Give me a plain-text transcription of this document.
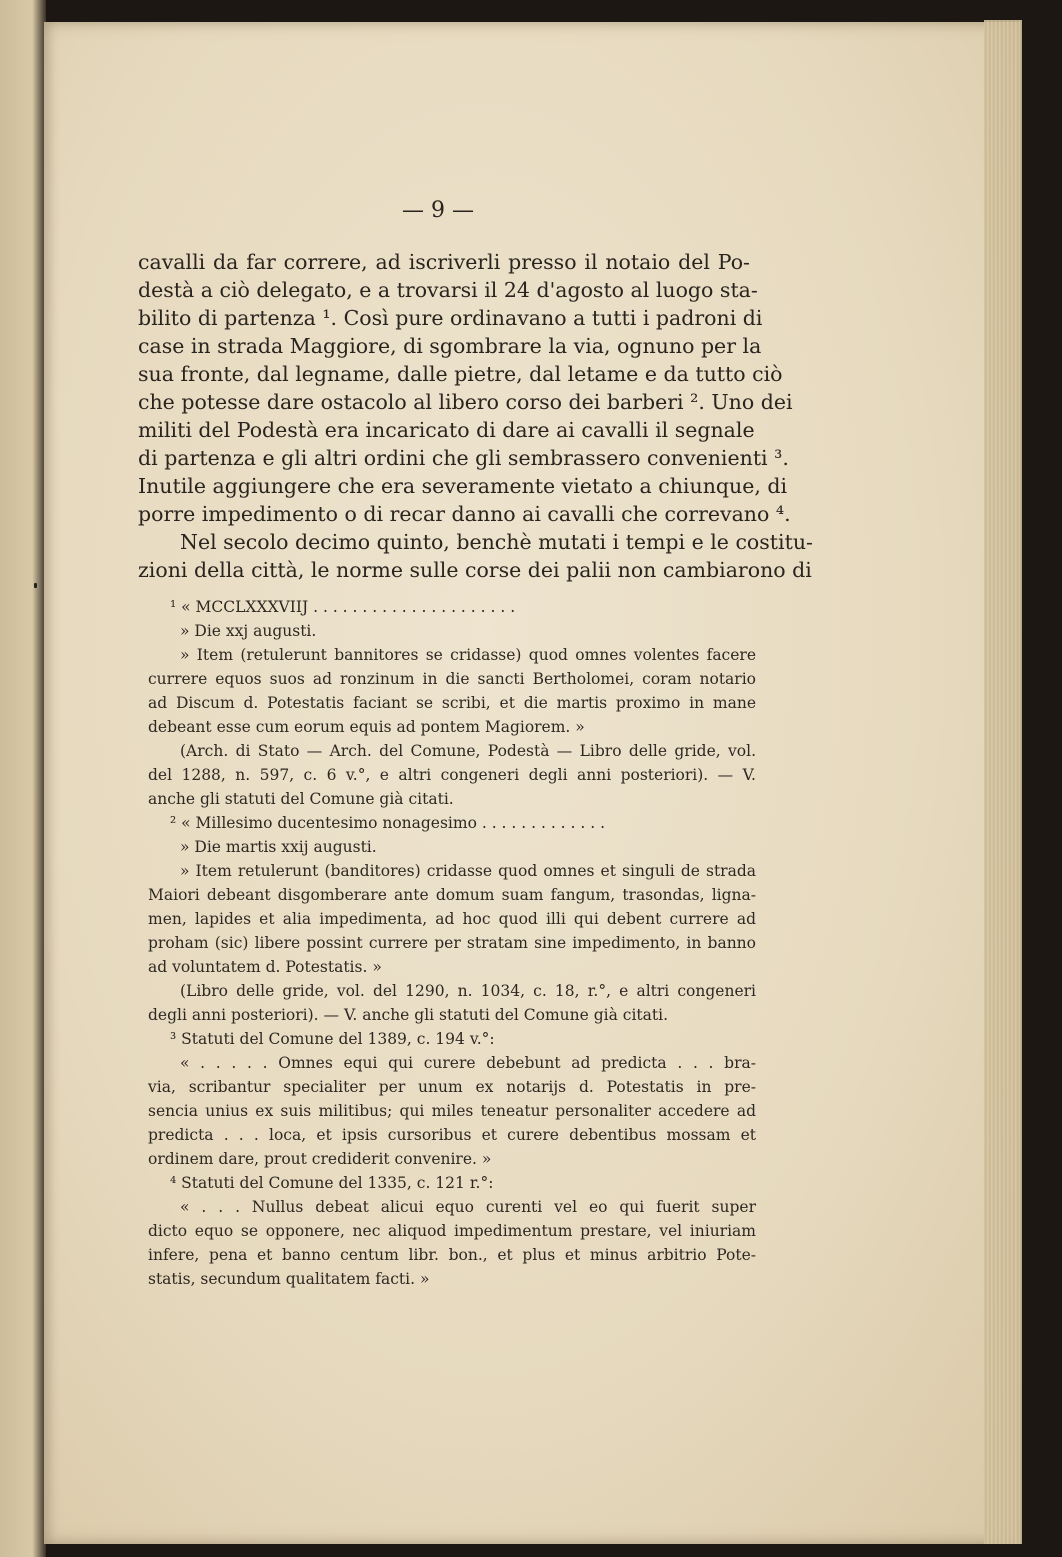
— 9 —
cavalli da far correre, ad iscriverli presso il notaio del Po-
destà a ciò delegato, e a trovarsi il 24 d'agosto al luogo sta-
bilito di partenza ¹. Così pure ordinavano a tutti i padroni di
case in strada Maggiore, di sgombrare la via, ognuno per la
sua fronte, dal legname, dalle pietre, dal letame e da tutto ciò
che potesse dare ostacolo al libero corso dei barberi ². Uno dei
militi del Podestà era incaricato di dare ai cavalli il segnale
di partenza e gli altri ordini che gli sembrassero convenienti ³.
Inutile aggiungere che era severamente vietato a chiunque, di
porre impedimento o di recar danno ai cavalli che correvano ⁴.
Nel secolo decimo quinto, benchè mutati i tempi e le costitu-
zioni della città, le norme sulle corse dei palii non cambiarono di
¹ « MCCLXXXVIIJ . . . . . . . . . . . . . . . . . . . . .
» Die xxj augusti.
» Item (retulerunt bannitores se cridasse) quod omnes volentes facere
currere equos suos ad ronzinum in die sancti Bertholomei, coram notario
ad Discum d. Potestatis faciant se scribi, et die martis proximo in mane
debeant esse cum eorum equis ad pontem Magiorem. »
(Arch. di Stato — Arch. del Comune, Podestà — Libro delle gride, vol.
del 1288, n. 597, c. 6 v.°, e altri congeneri degli anni posteriori). — V.
anche gli statuti del Comune già citati.
² « Millesimo ducentesimo nonagesimo . . . . . . . . . . . . .
» Die martis xxij augusti.
» Item retulerunt (banditores) cridasse quod omnes et singuli de strada
Maiori debeant disgomberare ante domum suam fangum, trasondas, ligna-
men, lapides et alia impedimenta, ad hoc quod illi qui debent currere ad
proham (sic) libere possint currere per stratam sine impedimento, in banno
ad voluntatem d. Potestatis. »
(Libro delle gride, vol. del 1290, n. 1034, c. 18, r.°, e altri congeneri
degli anni posteriori). — V. anche gli statuti del Comune già citati.
³ Statuti del Comune del 1389, c. 194 v.°:
« . . . . . Omnes equi qui curere debebunt ad predicta . . . bra-
via, scribantur specialiter per unum ex notarijs d. Potestatis in pre-
sencia unius ex suis militibus; qui miles teneatur personaliter accedere ad
predicta . . . loca, et ipsis cursoribus et curere debentibus mossam et
ordinem dare, prout crediderit convenire. »
⁴ Statuti del Comune del 1335, c. 121 r.°:
« . . . Nullus debeat alicui equo curenti vel eo qui fuerit super
dicto equo se opponere, nec aliquod impedimentum prestare, vel iniuriam
infere, pena et banno centum libr. bon., et plus et minus arbitrio Pote-
statis, secundum qualitatem facti. »
